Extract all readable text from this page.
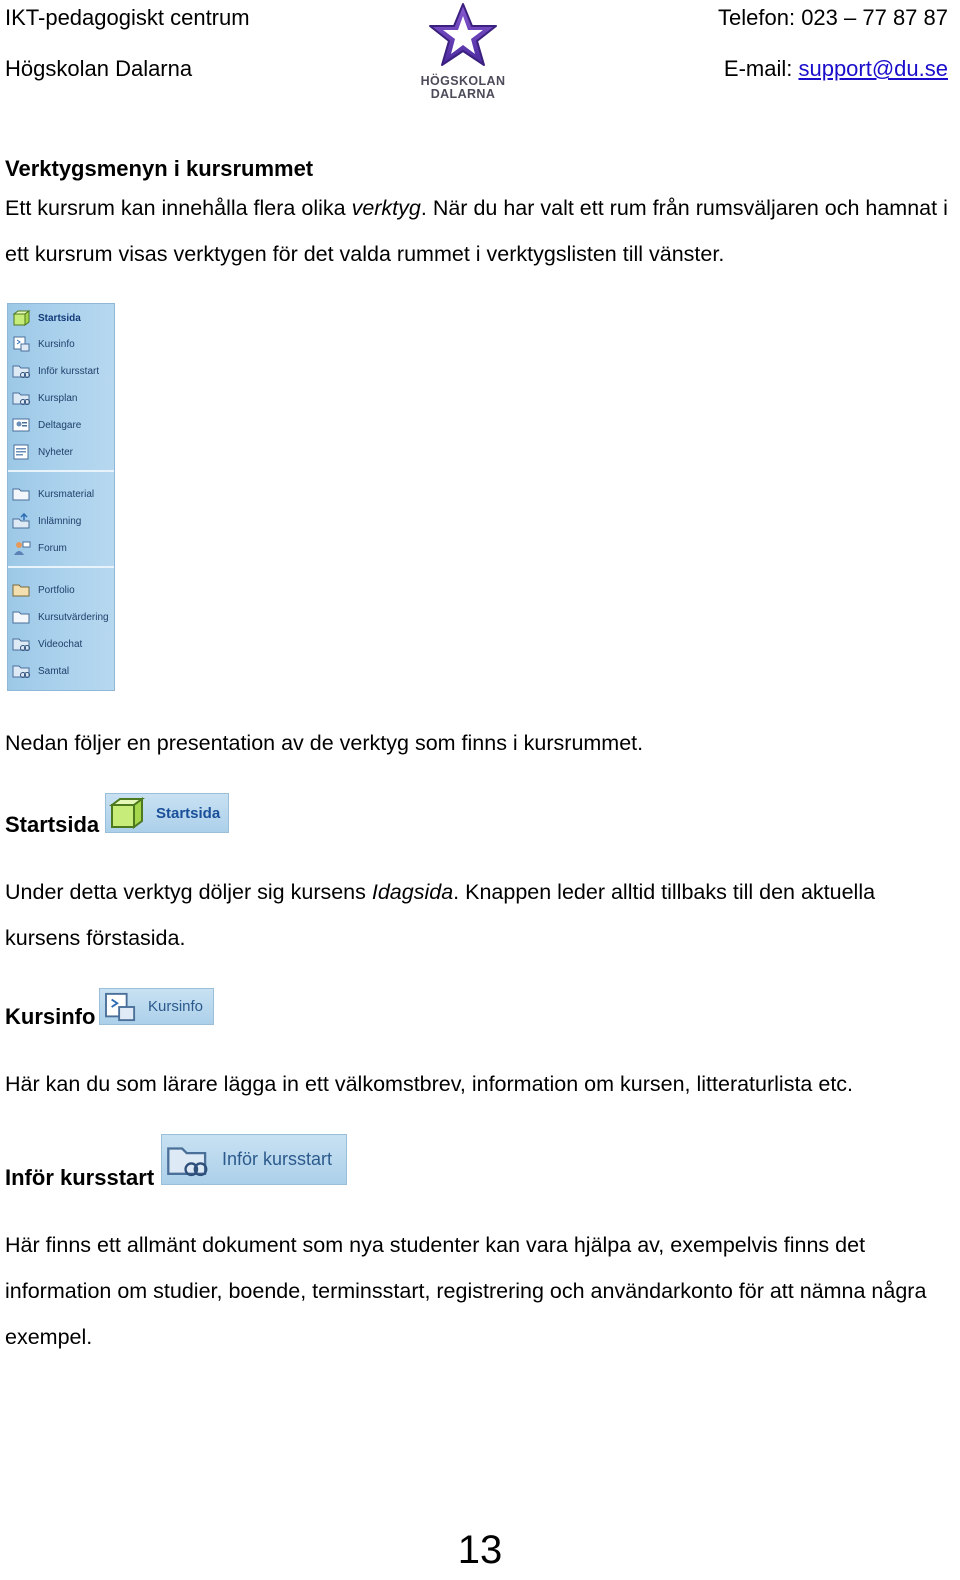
IKT-pedagogiskt centrum
Högskolan Dalarna
Telefon: 023 – 77 87 87
E-mail: support@du.se
HÖGSKOLAN
DALARNA
Verktygsmenyn i kursrummet

Ett kursrum kan innehålla flera olika verktyg. När du har valt ett rum från rumsväljaren och hamnat i ett kursrum visas verktygen för det valda rummet i verktygslisten till vänster.

Startsida
Kursinfo
Inför kursstart
Kursplan
Deltagare
Nyheter
Kursmaterial
Inlämning
Forum
Portfolio
Kursutvärdering
Videochat
Samtal

Nedan följer en presentation av de verktyg som finns i kursrummet.

Startsida	Startsida

Under detta verktyg döljer sig kursens Idagsida. Knappen leder alltid tillbaks till den aktuella kursens förstasida.

Kursinfo	Kursinfo

Här kan du som lärare lägga in ett välkomstbrev, information om kursen, litteraturlista etc.

Inför kursstart
Inför kursstart

Här finns ett allmänt dokument som nya studenter kan vara hjälpa av, exempelvis finns det information om studier, boende, terminsstart, registrering och användarkonto för att nämna några exempel.

13
